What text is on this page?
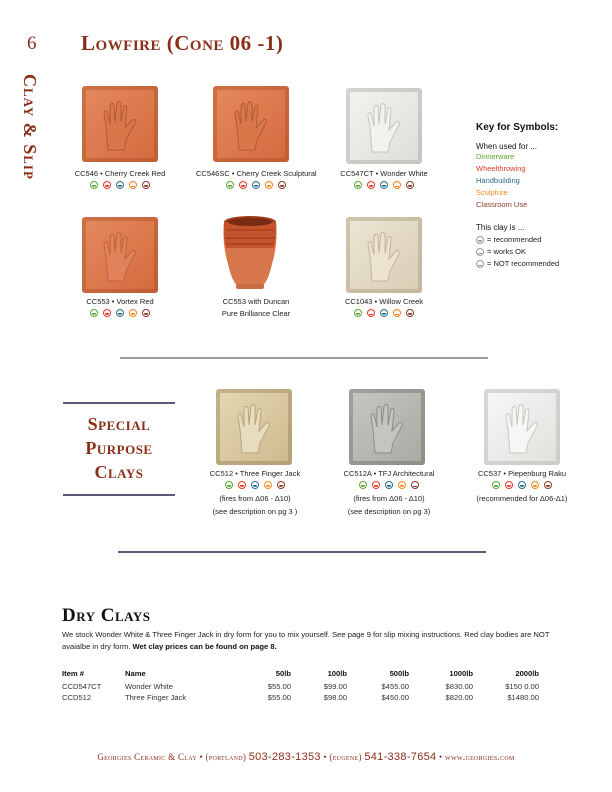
6 Lowfire (Cone 06 -1)
Clay & Slip	CC546 • Cherry Creek Red	CC546SC • Cherry Creek Sculptural	CC547CT • Wonder White
Key for Symbols:
When used for ...
Dinnerware
Wheelthrowing
Handbuilding
Sculpture
Classroom Use
This clay is ...
= recommended
= works OK
= NOT recommended
CC553 • Vortex Red	CC553 with Duncan
Pure Brilliance Clear
CC1043 • Willow Creek
Special
Purpose
Clays	CC512 • Three Finger Jack
(fires from Δ06 - Δ10)
(see description on pg 3 )
CC512A • TFJ Architectural
(fires from Δ06 - Δ10)
(see description on pg 3)
CC537 • Piepenburg Raku
(recommended for Δ06-Δ1)
Dry Clays
We stock Wonder White & Three Finger Jack in dry form for you to mix yourself. See page 9 for slip mixing instructions. Red clay bodies are NOT avaialbe in dry form. Wet clay prices can be found on page 8.
Item #	Name	50lb	100lb	500lb	1000lb	2000lb
CCD547CT	Wonder White	$55.00	$99.00	$455.00	$830.00	$150 0.00
CCD512	Three Finger Jack	$55.00	$98.00	$450.00	$820.00	$1480.00
Georgies Ceramic & Clay • (portland) 503-283-1353 • (eugene) 541-338-7654 • www.georgies.com
